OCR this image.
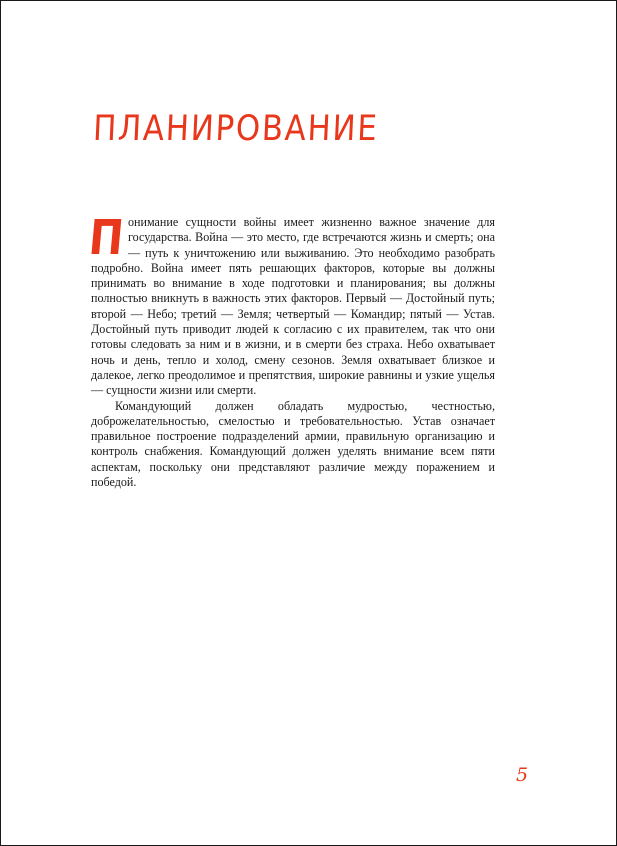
ПЛАНИРОВАНИЕ

Понимание сущности войны имеет жизненно важное значение для государства. Война — это место, где встречаются жизнь и смерть; она — путь к уничтожению или выживанию. Это необходимо разобрать подробно. Война имеет пять решающих факторов, которые вы должны принимать во внимание в ходе подготовки и планирования; вы должны полностью вникнуть в важность этих факторов. Первый — Достойный путь; второй — Небо; третий — Земля; четвертый — Командир; пятый — Устав. Достойный путь приводит людей к согласию с их правителем, так что они готовы следовать за ним и в жизни, и в смерти без страха. Небо охватывает ночь и день, тепло и холод, смену сезонов. Земля охватывает близкое и далекое, легко преодолимое и препятствия, широкие равнины и узкие ущелья — сущности жизни или смерти.

Командующий должен обладать мудростью, честностью, доброжелательностью, смелостью и требовательностью. Устав означает правильное построение подразделений армии, правильную организацию и контроль снабжения. Командующий должен уделять внимание всем пяти аспектам, поскольку они представляют различие между поражением и победой.

5
